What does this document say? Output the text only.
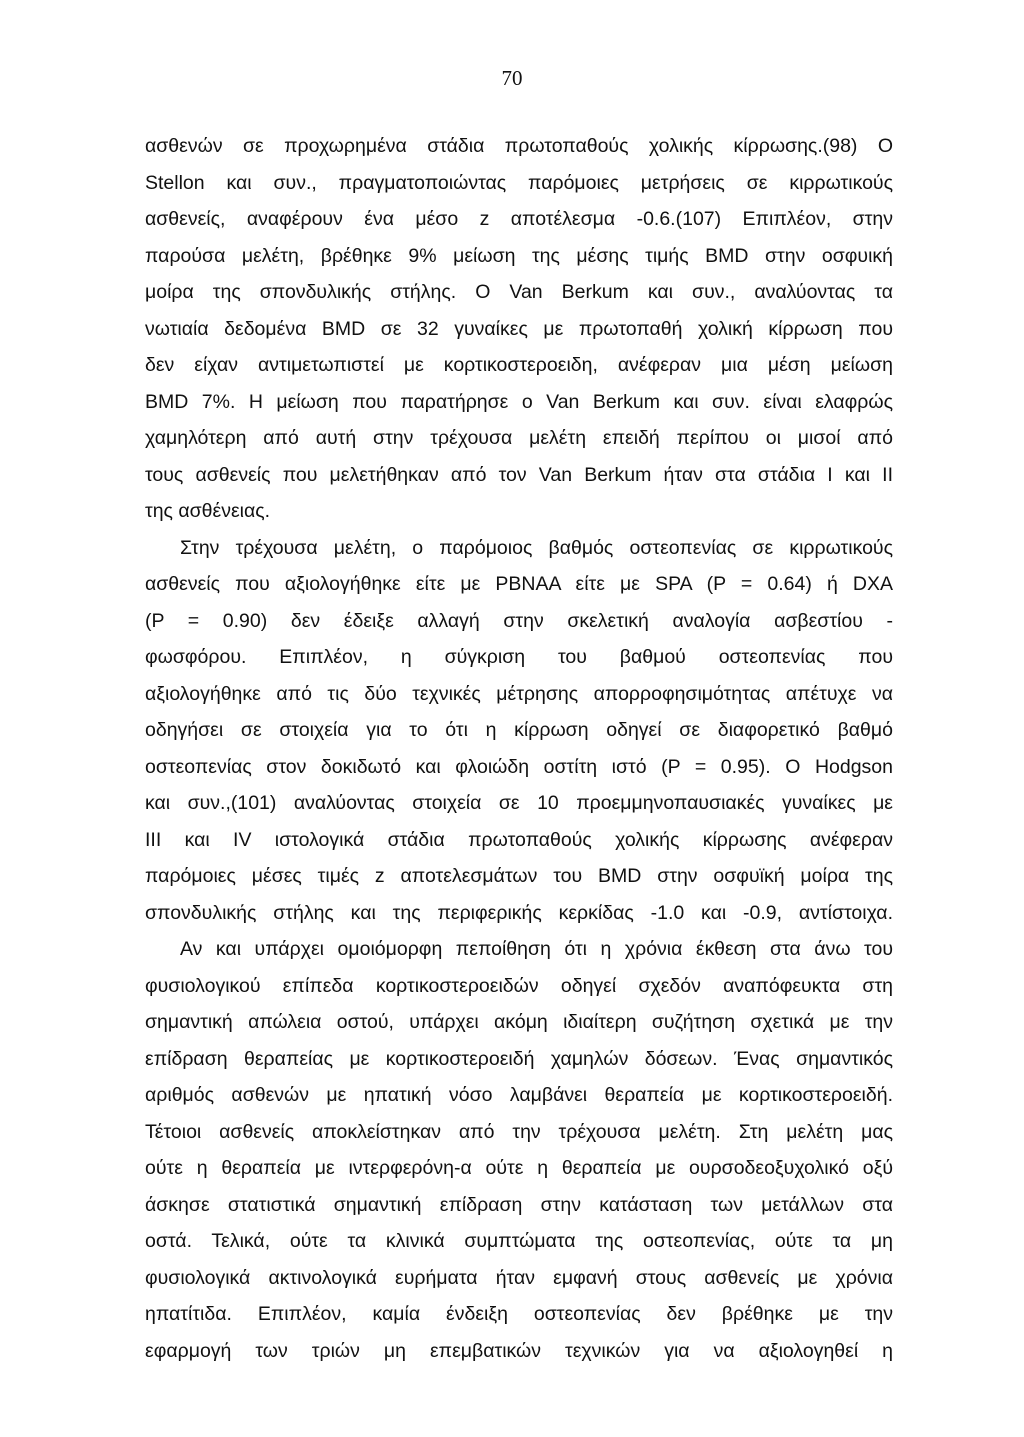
70
ασθενών σε προχωρημένα στάδια πρωτοπαθούς χολικής κίρρωσης.(98) Ο
Stellon και συν., πραγματοποιώντας παρόμοιες μετρήσεις σε κιρρωτικούς
ασθενείς, αναφέρουν ένα μέσο z αποτέλεσμα -0.6.(107) Επιπλέον, στην
παρούσα μελέτη, βρέθηκε 9% μείωση της μέσης τιμής BMD στην οσφυική
μοίρα της σπονδυλικής στήλης. Ο Van Berkum και συν., αναλύοντας τα
νωτιαία δεδομένα BMD σε 32 γυναίκες με πρωτοπαθή χολική κίρρωση που
δεν είχαν αντιμετωπιστεί με κορτικοστεροειδη, ανέφεραν μια μέση μείωση
BMD 7%. Η μείωση που παρατήρησε ο Van Berkum και συν. είναι ελαφρώς
χαμηλότερη από αυτή στην τρέχουσα μελέτη επειδή περίπου οι μισοί από
τους ασθενείς που μελετήθηκαν από τον Van Berkum ήταν στα στάδια I και II
της ασθένειας.
Στην τρέχουσα μελέτη, ο παρόμοιος βαθμός οστεοπενίας σε κιρρωτικούς
ασθενείς που αξιολογήθηκε είτε με PBNAA είτε με SPA (P = 0.64) ή DXA
(P = 0.90) δεν έδειξε αλλαγή στην σκελετική αναλογία ασβεστίου -
φωσφόρου. Επιπλέον, η σύγκριση του βαθμού οστεοπενίας που
αξιολογήθηκε από τις δύο τεχνικές μέτρησης απορροφησιμότητας απέτυχε να
οδηγήσει σε στοιχεία για το ότι η κίρρωση οδηγεί σε διαφορετικό βαθμό
οστεοπενίας στον δοκιδωτό και φλοιώδη οστίτη ιστό (P = 0.95). Ο Hodgson
και συν.,(101) αναλύοντας στοιχεία σε 10 προεμμηνοπαυσιακές γυναίκες με
III και IV ιστολογικά στάδια πρωτοπαθούς χολικής κίρρωσης ανέφεραν
παρόμοιες μέσες τιμές z αποτελεσμάτων του BMD στην οσφυϊκή μοίρα της
σπονδυλικής στήλης και της περιφερικής κερκίδας -1.0 και -0.9, αντίστοιχα.
Αν και υπάρχει ομοιόμορφη πεποίθηση ότι η χρόνια έκθεση στα άνω του
φυσιολογικού επίπεδα κορτικοστεροειδών οδηγεί σχεδόν αναπόφευκτα στη
σημαντική απώλεια οστού, υπάρχει ακόμη ιδιαίτερη συζήτηση σχετικά με την
επίδραση θεραπείας με κορτικοστεροειδή χαμηλών δόσεων. Ένας σημαντικός
αριθμός ασθενών με ηπατική νόσο λαμβάνει θεραπεία με κορτικοστεροειδή.
Τέτοιοι ασθενείς αποκλείστηκαν από την τρέχουσα μελέτη. Στη μελέτη μας
ούτε η θεραπεία με ιντερφερόνη-α ούτε η θεραπεία με ουρσοδεοξυχολικό οξύ
άσκησε στατιστικά σημαντική επίδραση στην κατάσταση των μετάλλων στα
οστά. Τελικά, ούτε τα κλινικά συμπτώματα της οστεοπενίας, ούτε τα μη
φυσιολογικά ακτινολογικά ευρήματα ήταν εμφανή στους ασθενείς με χρόνια
ηπατίτιδα. Επιπλέον, καμία ένδειξη οστεοπενίας δεν βρέθηκε με την
εφαρμογή των τριών μη επεμβατικών τεχνικών για να αξιολογηθεί η
